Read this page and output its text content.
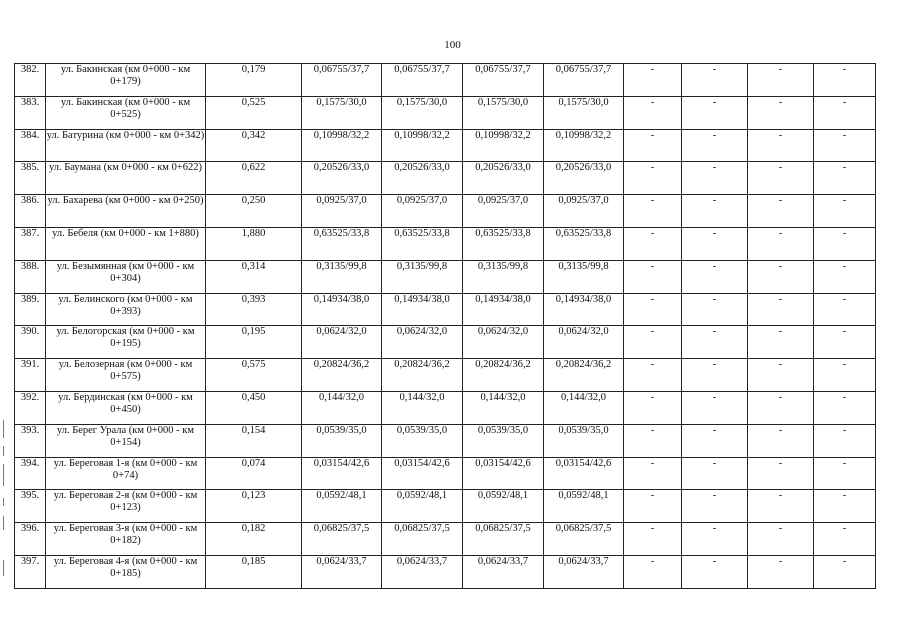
100
382.	ул. Бакинская (км 0+000 - км 0+179)	0,179	0,06755/37,7	0,06755/37,7	0,06755/37,7	0,06755/37,7	-	-	-	-
383.	ул. Бакинская (км 0+000 - км 0+525)	0,525	0,1575/30,0	0,1575/30,0	0,1575/30,0	0,1575/30,0	-	-	-	-
384.	ул. Батурина (км 0+000 - км 0+342)	0,342	0,10998/32,2	0,10998/32,2	0,10998/32,2	0,10998/32,2	-	-	-	-
385.	ул. Баумана (км 0+000 - км 0+622)	0,622	0,20526/33,0	0,20526/33,0	0,20526/33,0	0,20526/33,0	-	-	-	-
386.	ул. Бахарева (км 0+000 - км 0+250)	0,250	0,0925/37,0	0,0925/37,0	0,0925/37,0	0,0925/37,0	-	-	-	-
387.	ул. Бебеля (км 0+000 - км 1+880)	1,880	0,63525/33,8	0,63525/33,8	0,63525/33,8	0,63525/33,8	-	-	-	-
388.	ул. Безымянная (км 0+000 - км 0+304)	0,314	0,3135/99,8	0,3135/99,8	0,3135/99,8	0,3135/99,8	-	-	-	-
389.	ул. Белинского (км 0+000 - км 0+393)	0,393	0,14934/38,0	0,14934/38,0	0,14934/38,0	0,14934/38,0	-	-	-	-
390.	ул. Белогорская (км 0+000 - км 0+195)	0,195	0,0624/32,0	0,0624/32,0	0,0624/32,0	0,0624/32,0	-	-	-	-
391.	ул. Белозерная (км 0+000 - км 0+575)	0,575	0,20824/36,2	0,20824/36,2	0,20824/36,2	0,20824/36,2	-	-	-	-
392.	ул. Бердинская (км 0+000 - км 0+450)	0,450	0,144/32,0	0,144/32,0	0,144/32,0	0,144/32,0	-	-	-	-
393.	ул. Берег Урала (км 0+000 - км 0+154)	0,154	0,0539/35,0	0,0539/35,0	0,0539/35,0	0,0539/35,0	-	-	-	-
394.	ул. Береговая 1-я (км 0+000 - км 0+74)	0,074	0,03154/42,6	0,03154/42,6	0,03154/42,6	0,03154/42,6	-	-	-	-
395.	ул. Береговая 2-я (км 0+000 - км 0+123)	0,123	0,0592/48,1	0,0592/48,1	0,0592/48,1	0,0592/48,1	-	-	-	-
396.	ул. Береговая 3-я (км 0+000 - км 0+182)	0,182	0,06825/37,5	0,06825/37,5	0,06825/37,5	0,06825/37,5	-	-	-	-
397.	ул. Береговая 4-я (км 0+000 - км 0+185)	0,185	0,0624/33,7	0,0624/33,7	0,0624/33,7	0,0624/33,7	-	-	-	-
